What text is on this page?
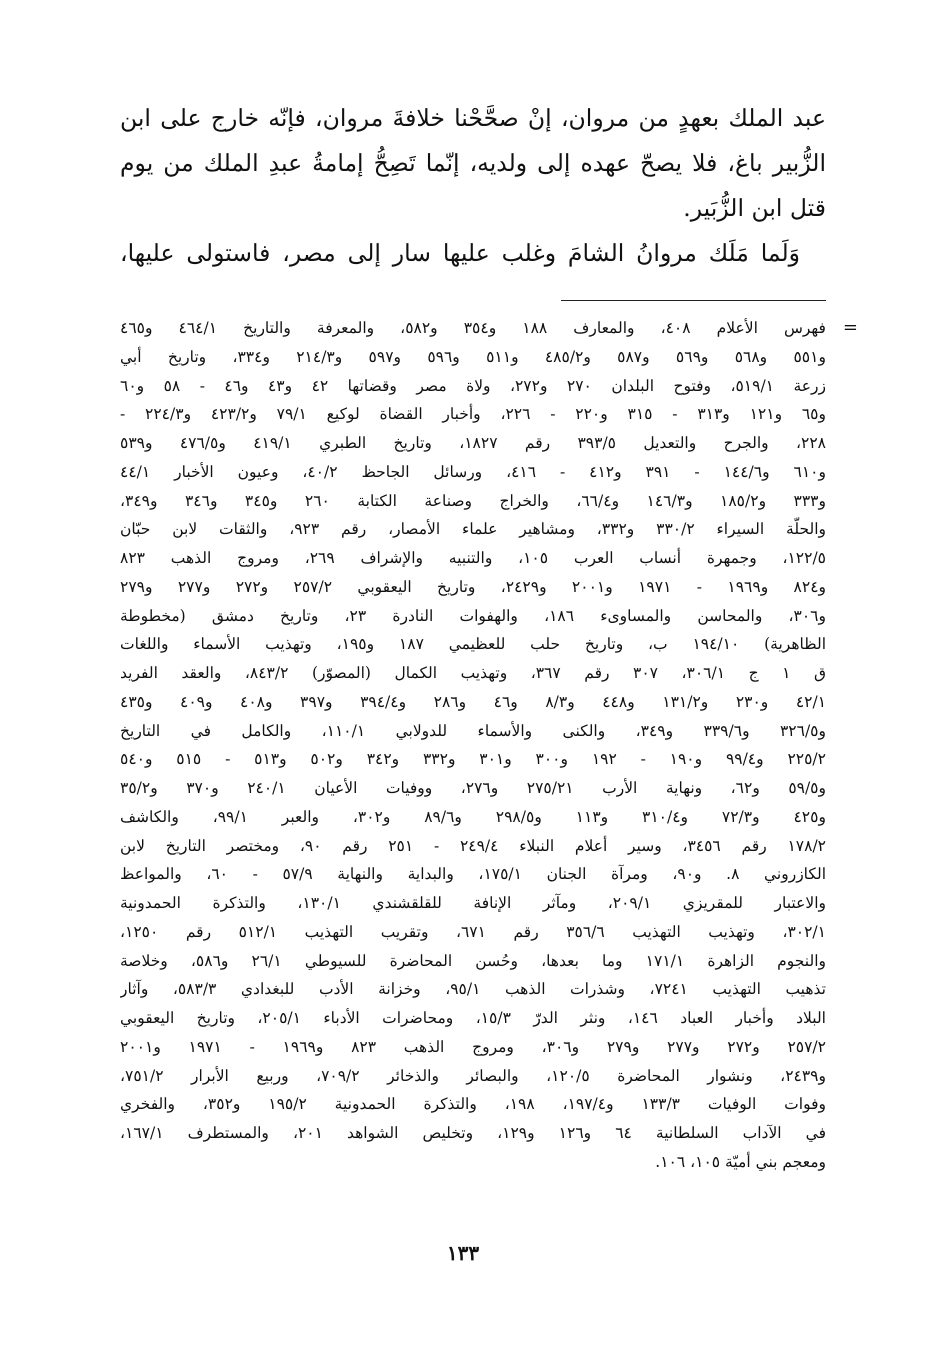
عبد الملك بعهدٍ من مروان، إنْ صحَّحْنا خلافةَ مروان، فإنّه خارج على ابن
الزُّبير باغ، فلا يصحّ عهده إلى ولديه، إنّما تَصِحُّ إمامةُ عبدِ الملك من يوم
قتل ابن الزُّبَير.
وَلَما مَلَك مروانُ الشامَ وغلب عليها سار إلى مصر، فاستولى عليها،
=
فهرس الأعلام ٤٠٨، والمعارف ١٨٨ و٣٥٤ و٥٨٢، والمعرفة والتاريخ ٤٦٤/١ و٤٦٥
و٥٥١ و٥٦٨ و٥٦٩ و٥٨٧ و٤٨٥/٢ و٥١١ و٥٩٦ و٥٩٧ و٢١٤/٣ و٣٣٤، وتاريخ أبي
زرعة ٥١٩/١، وفتوح البلدان ٢٧٠ و٢٧٢، ولاة مصر وقضاتها ٤٢ و٤٣ و٤٦ - ٥٨ و٦٠
و٦٥ و١٢١ و٣١٣ - ٣١٥ و٢٢٠ - ٢٢٦، وأخبار القضاة لوكيع ٧٩/١ و٤٢٣/٢ و٢٢٤/٣ -
٢٢٨، والجرح والتعديل ٣٩٣/٥ رقم ١٨٢٧، وتاريخ الطبري ٤١٩/١ و٤٧٦/٥ و٥٣٩
و٦١٠ و١٤٤/٦ - ٣٩١ و٤١٢ - ٤١٦، ورسائل الجاحظ ٤٠/٢، وعيون الأخبار ٤٤/١
و٣٣٣ و١٨٥/٢ و١٤٦/٣ و٦٦/٤، والخراج وصناعة الكتابة ٢٦٠ و٣٤٥ و٣٤٦ و٣٤٩،
والحلّة السيراء ٣٣٠/٢ و٣٣٢، ومشاهير علماء الأمصار، رقم ٩٢٣، والثقات لابن حبّان
١٢٢/٥، وجمهرة أنساب العرب ١٠٥، والتنبيه والإشراف ٢٦٩، ومروج الذهب ٨٢٣
و٨٢٤ و١٩٦٩ - ١٩٧١ و٢٠٠١ و٢٤٢٩، وتاريخ اليعقوبي ٢٥٧/٢ و٢٧٢ و٢٧٧ و٢٧٩
و٣٠٦، والمحاسن والمساوىء ١٨٦، والهفوات النادرة ٢٣، وتاريخ دمشق (مخطوطة
الظاهرية) ١٩٤/١٠ ب، وتاريخ حلب للعظيمي ١٨٧ و١٩٥، وتهذيب الأسماء واللغات
ق ١ ج ٣٠٦/١، ٣٠٧ رقم ٣٦٧، وتهذيب الكمال (المصوّر) ٨٤٣/٢، والعقد الفريد
٤٢/١ و٢٣٠ و١٣١/٢ و٤٤٨ و٨/٣ و٤٦ و٢٨٦ و٣٩٤/٤ و٣٩٧ و٤٠٨ و٤٠٩ و٤٣٥
و٣٢٦/٥ و٣٣٩/٦ و٣٤٩، والكنى والأسماء للدولابي ١١٠/١، والكامل في التاريخ
٢٢٥/٢ و٩٩/٤ و١٩٠ - ١٩٢ و٣٠٠ و٣٠١ و٣٣٢ و٣٤٢ و٥٠٢ و٥١٣ - ٥١٥ و٥٤٠
و٥٩/٥ و٦٢، ونهاية الأرب ٢٧٥/٢١ و٢٧٦، ووفيات الأعيان ٢٤٠/١ و٣٧٠ و٣٥/٢
و٤٢٥ و٧٢/٣ و٣١٠/٤ و١١٣ و٢٩٨/٥ و٨٩/٦ و٣٠٢، والعبر ٩٩/١، والكاشف
١٧٨/٢ رقم ٣٤٥٦، وسير أعلام النبلاء ٢٤٩/٤ - ٢٥١ رقم ٩٠، ومختصر التاريخ لابن
الكازروني ٨. و٩٠، ومرآة الجنان ١٧٥/١، والبداية والنهاية ٥٧/٩ - ٦٠، والمواعظ
والاعتبار للمقريزي ٢٠٩/١، ومآثر الإنافة للقلقشندي ١٣٠/١، والتذكرة الحمدونية
٣٠٢/١، وتهذيب التهذيب ٣٥٦/٦ رقم ٦٧١، وتقريب التهذيب ٥١٢/١ رقم ١٢٥٠،
والنجوم الزاهرة ١٧١/١ وما بعدها، وحُسن المحاضرة للسيوطي ٢٦/١ و٥٨٦، وخلاصة
تذهيب التهذيب ٧٢٤١، وشذرات الذهب ٩٥/١، وخزانة الأدب للبغدادي ٥٨٣/٣، وآثار
البلاد وأخبار العباد ١٤٦، ونثر الدرّ ١٥/٣، ومحاضرات الأدباء ٢٠٥/١، وتاريخ اليعقوبي
٢٥٧/٢ و٢٧٢ و٢٧٧ و٢٧٩ و٣٠٦، ومروج الذهب ٨٢٣ و١٩٦٩ - ١٩٧١ و٢٠٠١
و٢٤٣٩، ونشوار المحاضرة ١٢٠/٥، والبصائر والذخائر ٧٠٩/٢، وربيع الأبرار ٧٥١/٢،
وفوات الوفيات ١٣٣/٣ و١٩٧/٤، ١٩٨، والتذكرة الحمدونية ١٩٥/٢ و٣٥٢، والفخري
في الآداب السلطانية ٦٤ و١٢٦ و١٢٩، وتخليص الشواهد ٢٠١، والمستطرف ١٦٧/١،
ومعجم بني أميّة ١٠٥، ١٠٦.
١٣٣
